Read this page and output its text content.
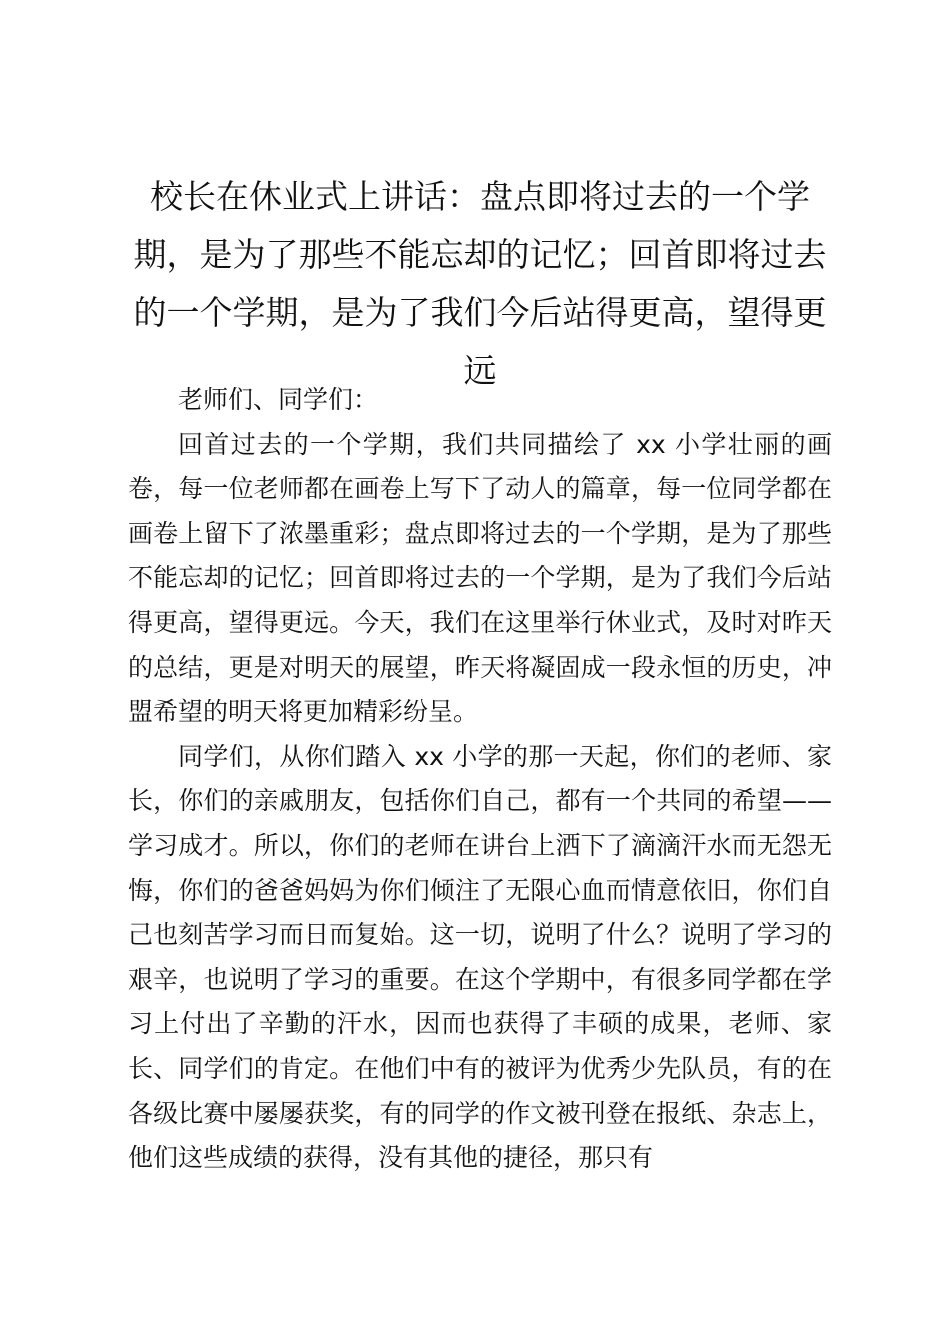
校长在休业式上讲话：盘点即将过去的一个学期，是为了那些不能忘却的记忆；回首即将过去的一个学期，是为了我们今后站得更高，望得更远

老师们、同学们：

回首过去的一个学期，我们共同描绘了 xx 小学壮丽的画卷，每一位老师都在画卷上写下了动人的篇章，每一位同学都在画卷上留下了浓墨重彩；盘点即将过去的一个学期，是为了那些不能忘却的记忆；回首即将过去的一个学期，是为了我们今后站得更高，望得更远。今天，我们在这里举行休业式，及时对昨天的总结，更是对明天的展望，昨天将凝固成一段永恒的历史，冲盟希望的明天将更加精彩纷呈。

同学们，从你们踏入 xx 小学的那一天起，你们的老师、家长，你们的亲戚朋友，包括你们自己，都有一个共同的希望——学习成才。所以，你们的老师在讲台上洒下了滴滴汗水而无怨无悔，你们的爸爸妈妈为你们倾注了无限心血而情意依旧，你们自己也刻苦学习而日而复始。这一切，说明了什么？说明了学习的艰辛，也说明了学习的重要。在这个学期中，有很多同学都在学习上付出了辛勤的汗水，因而也获得了丰硕的成果，老师、家长、同学们的肯定。在他们中有的被评为优秀少先队员，有的在各级比赛中屡屡获奖，有的同学的作文被刊登在报纸、杂志上，他们这些成绩的获得，没有其他的捷径，那只有
